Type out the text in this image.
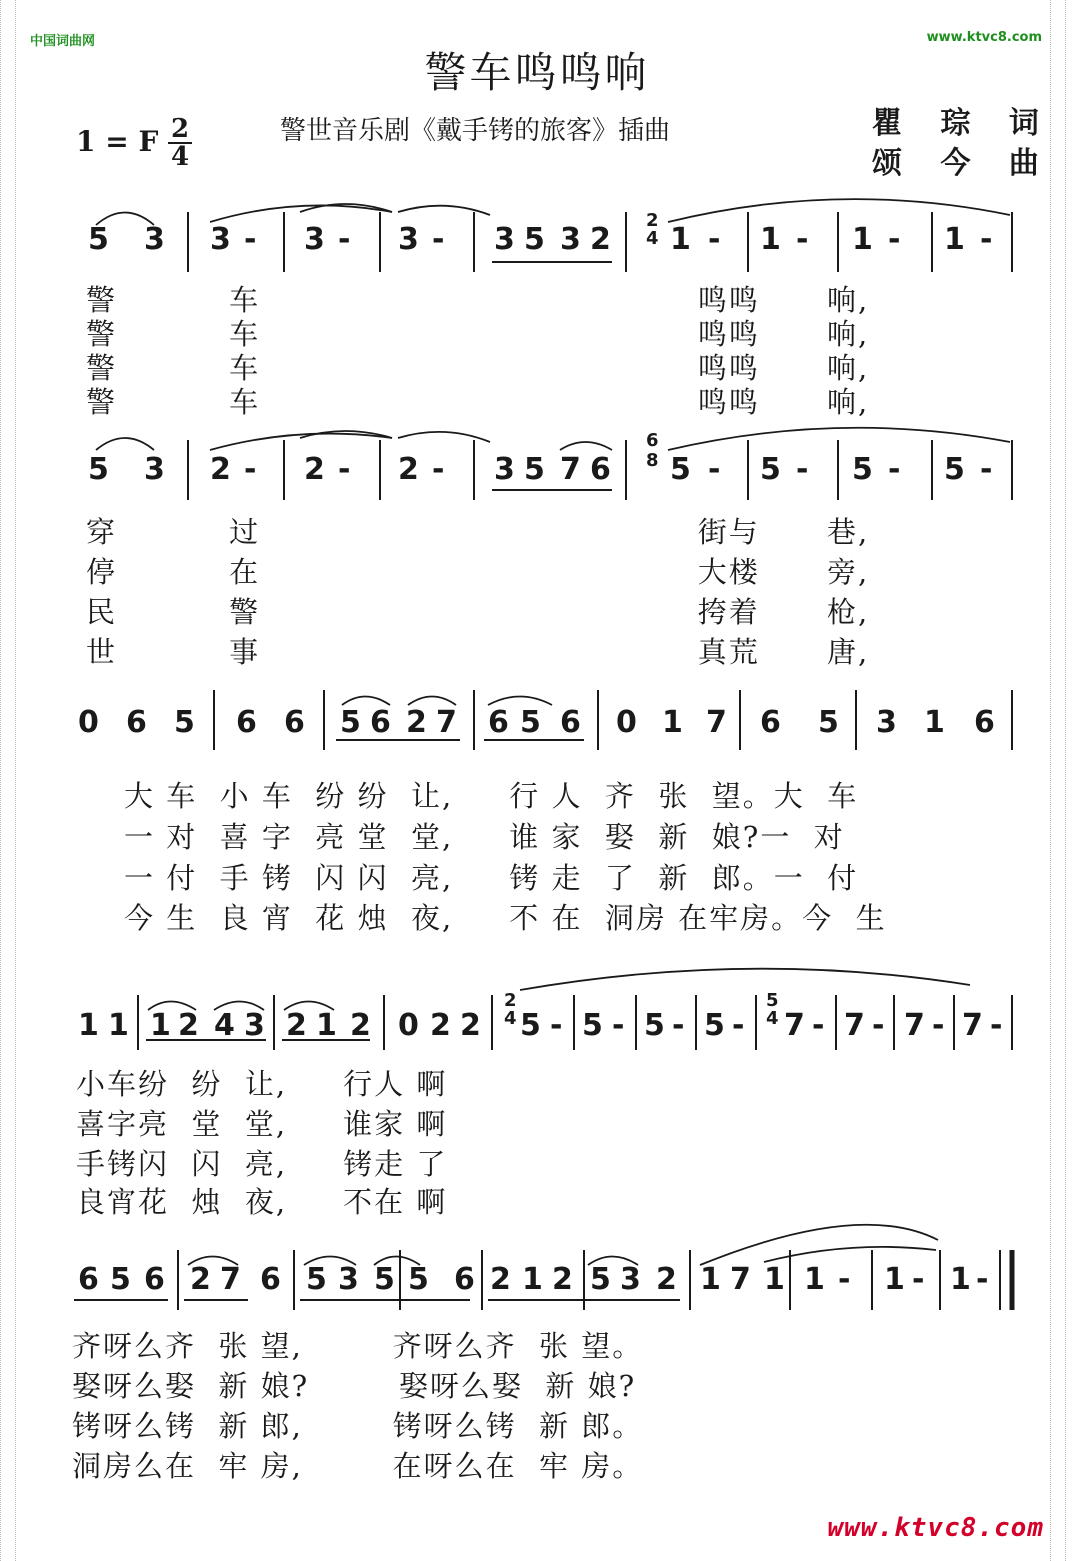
中国词曲网	www.ktvc8.com
警车鸣鸣响
警世音乐剧《戴手铐的旅客》插曲	瞿 琮 词
颂 今 曲
1 = F 2
4
2
4
6
8
2
4
5
4
5 3 3 - 3 - 3 - 3 5 3 2 1 - 1 - 1 - 1 -
5 3 2 - 2 - 2 - 3 5 7 6 5 - 5 - 5 - 5 -
0 6 5 6 6 5 6 2 7 6 5 6 0 1 7 6 5 3 1 6
1 1 1 2 4 3 2 1 2 0 2 2 5 - 5 - 5 - 5 - 7 - 7 - 7 - 7 -
6 5 6 2 7 6 5 3 5 5 6 2 1 2 5 3 2 1 7 1 1 - 1 - 1 -
警          车                                       鸣鸣      响,
警          车                                       鸣鸣      响,
警          车                                       鸣鸣      响,
警          车                                       鸣鸣      响,
穿          过                                       街与      巷,
停          在                                       大楼      旁,
民          警                                       挎着      枪,
世          事                                       真荒      唐,
大 车  小 车  纷 纷  让,     行 人  齐  张  望。大  车
一 对  喜 字  亮 堂  堂,     谁 家  娶  新  娘?一  对
一 付  手 铐  闪 闪  亮,     铐 走  了  新  郎。一  付
今 生  良 宵  花 烛  夜,     不 在  洞房 在牢房。今  生
小车纷  纷  让,     行人 啊
喜字亮  堂  堂,     谁家 啊
手铐闪  闪  亮,     铐走 了
良宵花  烛  夜,     不在 啊
齐呀么齐  张 望,        齐呀么齐  张 望。
娶呀么娶  新 娘?        娶呀么娶  新 娘?
铐呀么铐  新 郎,        铐呀么铐  新 郎。
洞房么在  牢 房,        在呀么在  牢 房。
www.ktvc8.com
